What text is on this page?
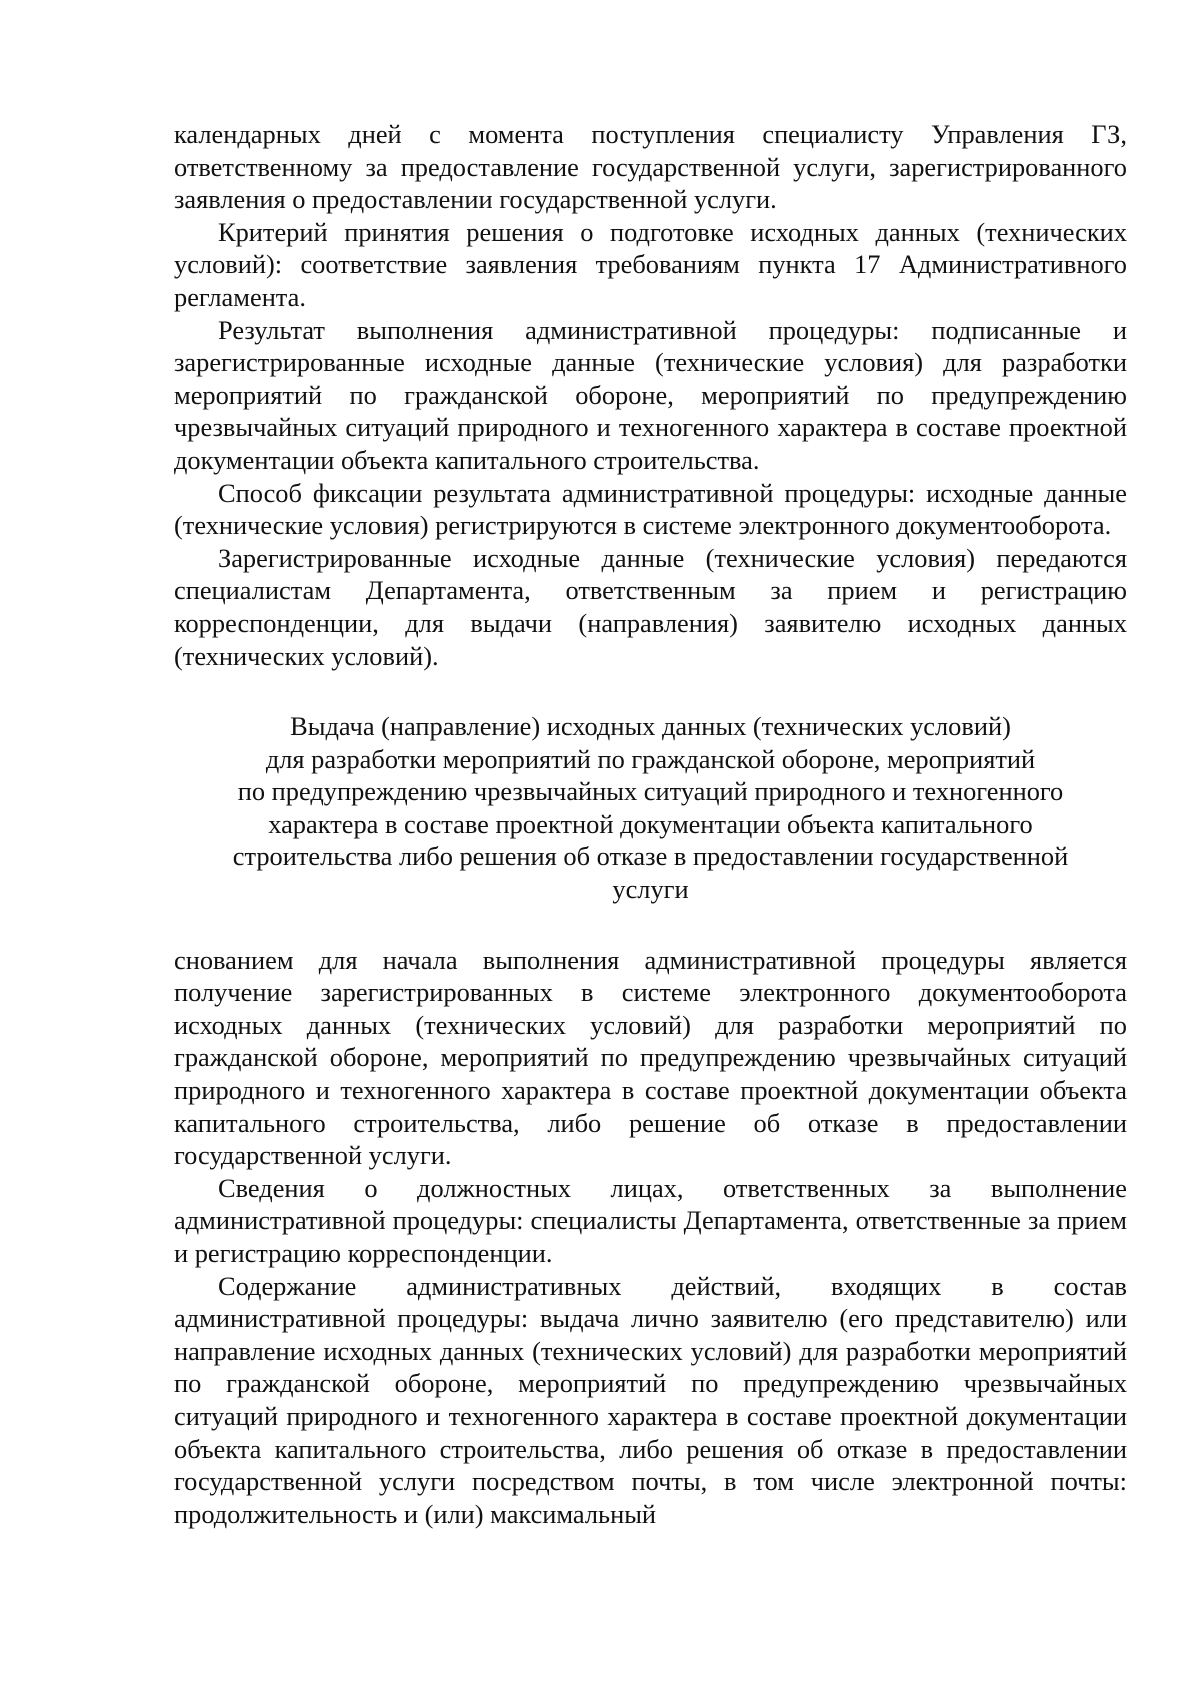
календарных дней с момента поступления специалисту Управления ГЗ, ответственному за предоставление государственной услуги, зарегистрированного заявления о предоставлении государственной услуги.

Критерий принятия решения о подготовке исходных данных (технических условий): соответствие заявления требованиям пункта 17 Административного регламента.

Результат выполнения административной процедуры: подписанные и зарегистрированные исходные данные (технические условия) для разработки мероприятий по гражданской обороне, мероприятий по предупреждению чрезвычайных ситуаций природного и техногенного характера в составе проектной документации объекта капитального строительства.

Способ фиксации результата административной процедуры: исходные данные (технические условия) регистрируются в системе электронного документооборота.

Зарегистрированные исходные данные (технические условия) передаются специалистам Департамента, ответственным за прием и регистрацию корреспонденции, для выдачи (направления) заявителю исходных данных (технических условий).

Выдача (направление) исходных данных (технических условий)
для разработки мероприятий по гражданской обороне, мероприятий
по предупреждению чрезвычайных ситуаций природного и техногенного
характера в составе проектной документации объекта капитального
строительства либо решения об отказе в предоставлении государственной
услуги

снованием для начала выполнения административной процедуры является получение зарегистрированных в системе электронного документооборота исходных данных (технических условий) для разработки мероприятий по гражданской обороне, мероприятий по предупреждению чрезвычайных ситуаций природного и техногенного характера в составе проектной документации объекта капитального строительства, либо решение об отказе в предоставлении государственной услуги.

Сведения о должностных лицах, ответственных за выполнение административной процедуры: специалисты Департамента, ответственные за прием и регистрацию корреспонденции.

Содержание административных действий, входящих в состав административной процедуры: выдача лично заявителю (его представителю) или направление исходных данных (технических условий) для разработки мероприятий по гражданской обороне, мероприятий по предупреждению чрезвычайных ситуаций природного и техногенного характера в составе проектной документации объекта капитального строительства, либо решения об отказе в предоставлении государственной услуги посредством почты, в том числе электронной почты: продолжительность и (или) максимальный
